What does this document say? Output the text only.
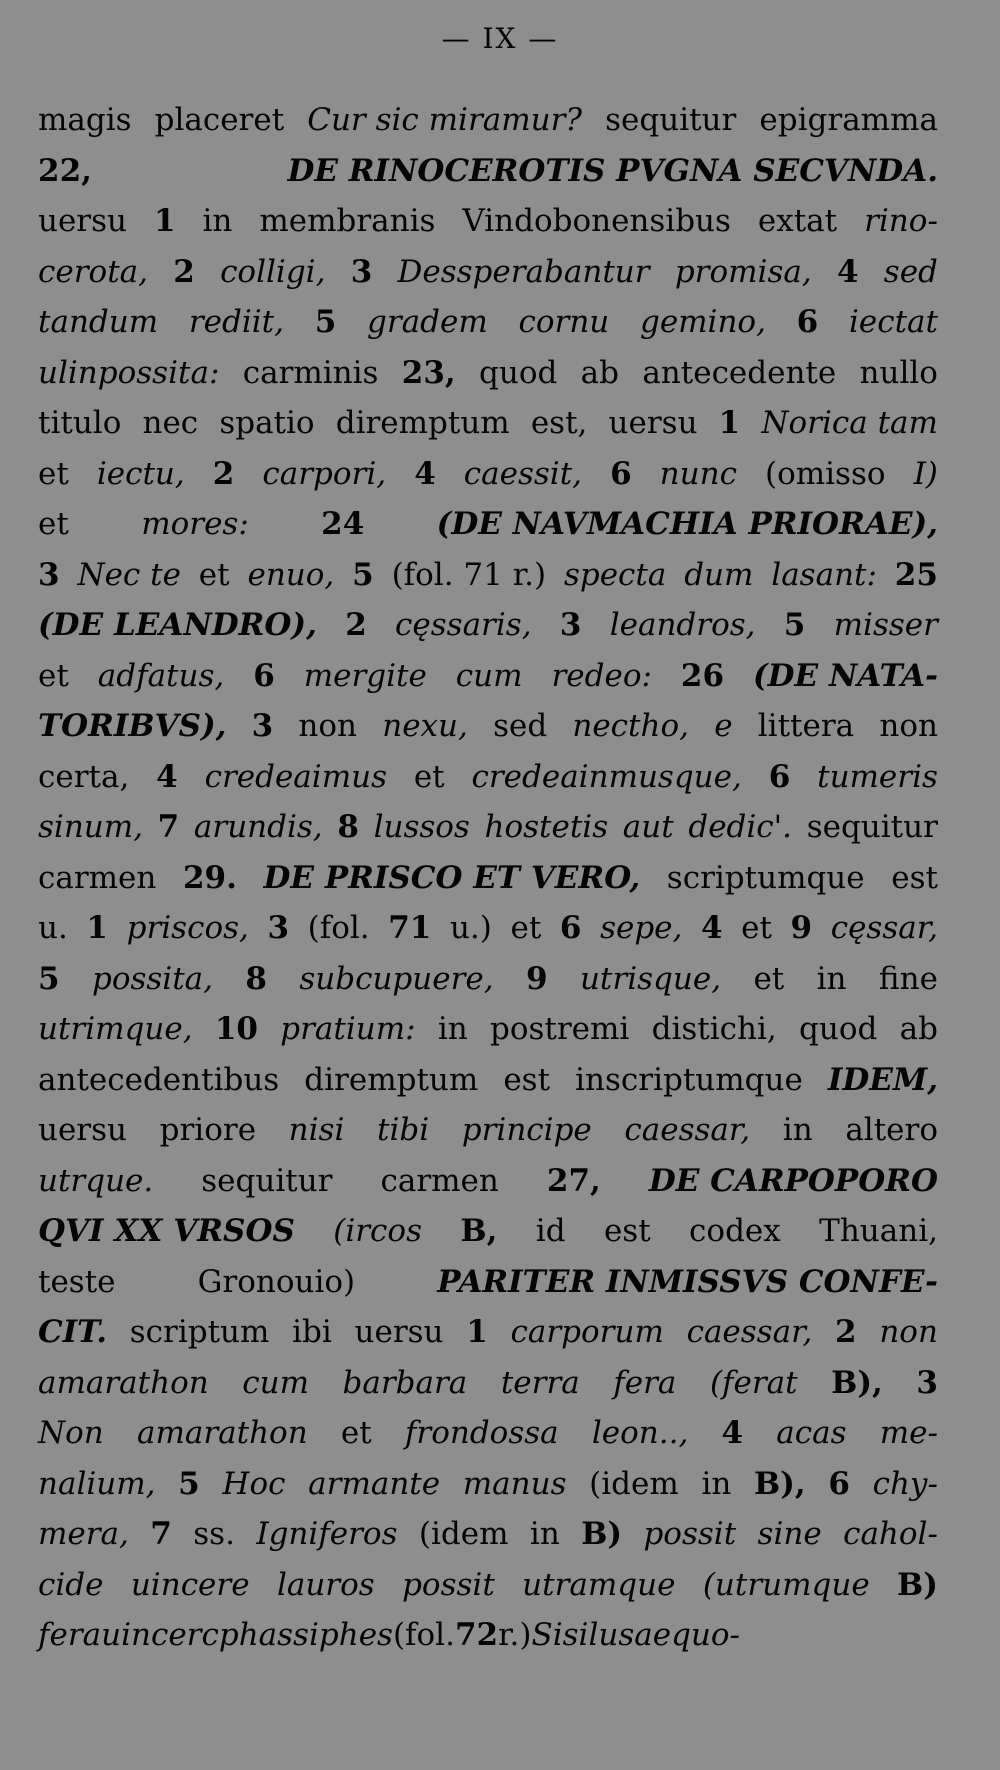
— IX —
magis placeret Cur sic miramur? sequitur epigramma
22,	DE RINOCEROTIS PVGNA SECVNDA.
uersu 1 in membranis Vindobonensibus extat rino-
cerota, 2 colligi, 3 Dessperabantur promisa, 4 sed
tandum rediit, 5 gradem cornu gemino, 6 iectat
ulinpossita: carminis 23, quod ab antecedente nullo
titulo nec spatio diremptum est, uersu 1 Norica tam
et iectu, 2 carpori, 4 caessit, 6 nunc (omisso I)
et mores: 24 (DE NAVMACHIA PRIORAE),
3 Nec te et enuo, 5 (fol. 71 r.) specta dum lasant: 25
(DE LEANDRO), 2 cęssaris, 3 leandros, 5 misser
et adfatus, 6 mergite cum redeo: 26 (DE NATA-
TORIBVS), 3 non nexu, sed nectho, e littera non
certa, 4 credeaimus et credeainmusque, 6 tumeris
sinum, 7 arundis, 8 lussos hostetis aut dedic'. sequitur
carmen 29. DE PRISCO ET VERO, scriptumque est
u. 1 priscos, 3 (fol. 71 u.) et 6 sepe, 4 et 9 cęssar,
5 possita, 8 subcupuere, 9 utrisque, et in fine
utrimque, 10 pratium: in postremi distichi, quod ab
antecedentibus diremptum est inscriptumque IDEM,
uersu priore nisi tibi principe caessar, in altero
utrque. sequitur carmen 27, DE CARPOPORO
QVI XX VRSOS (ircos B, id est codex Thuani,
teste	Gronouio)	PARITER INMISSVS CONFE-
CIT. scriptum ibi uersu 1 carporum caessar, 2 non
amarathon cum barbara terra fera (ferat B), 3
Non amarathon et frondossa leon.., 4 acas me-
nalium, 5 Hoc armante manus (idem in B), 6 chy-
mera, 7 ss. Igniferos (idem in B) possit sine cahol-
cide uincere lauros possit utramque (utrumque B)
fera uincerc phassiphes (fol. 72 r.) Si silus aequo-
